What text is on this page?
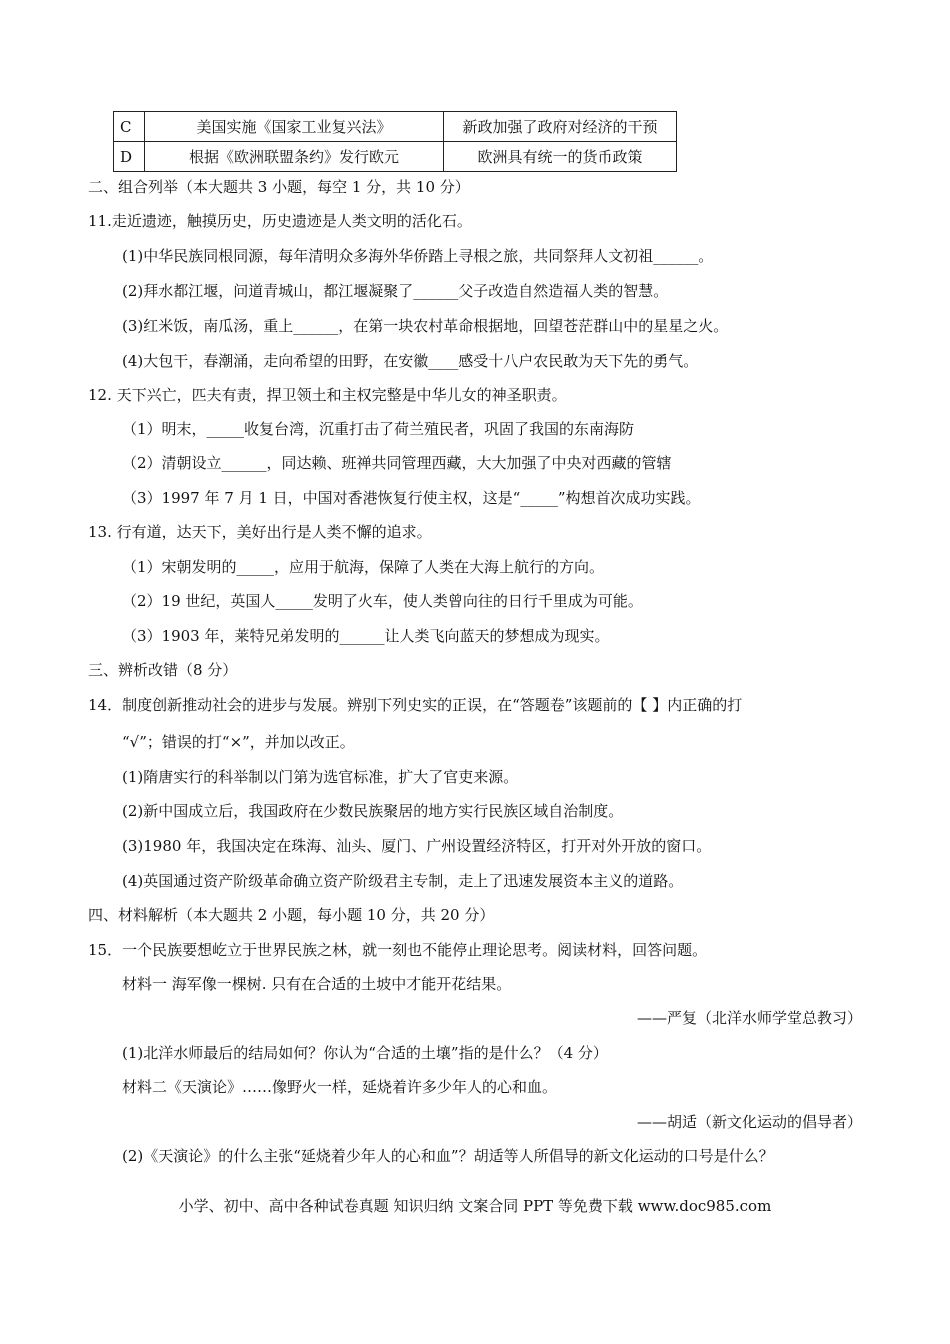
C	美国实施《国家工业复兴法》	新政加强了政府对经济的干预
D	根据《欧洲联盟条约》发行欧元	欧洲具有统一的货币政策
二、组合列举（本大题共 3 小题，每空 1 分，共 10 分）
11.走近遗迹，触摸历史，历史遗迹是人类文明的活化石。
(1)中华民族同根同源，每年清明众多海外华侨踏上寻根之旅，共同祭拜人文初祖______。
(2)拜水都江堰，问道青城山，都江堰凝聚了______父子改造自然造福人类的智慧。
(3)红米饭，南瓜汤，重上______，在第一块农村革命根据地，回望苍茫群山中的星星之火。
(4)大包干，春潮涌，走向希望的田野，在安徽____感受十八户农民敢为天下先的勇气。
12. 天下兴亡，匹夫有责，捍卫领土和主权完整是中华儿女的神圣职责。
（1）明末，_____收复台湾，沉重打击了荷兰殖民者，巩固了我国的东南海防
（2）清朝设立______，同达赖、班禅共同管理西藏，大大加强了中央对西藏的管辖
（3）1997 年 7 月 1 日，中国对香港恢复行使主权，这是“_____”构想首次成功实践。
13. 行有道，达天下，美好出行是人类不懈的追求。
（1）宋朝发明的_____，应用于航海，保障了人类在大海上航行的方向。
（2）19 世纪，英国人_____发明了火车，使人类曾向往的日行千里成为可能。
（3）1903 年，莱特兄弟发明的______让人类飞向蓝天的梦想成为现实。
三、辨析改错（8 分）
14．制度创新推动社会的进步与发展。辨别下列史实的正误，在“答题卷”该题前的【 】内正确的打
“√”；错误的打“×”，并加以改正。
(1)隋唐实行的科举制以门第为选官标准，扩大了官吏来源。
(2)新中国成立后，我国政府在少数民族聚居的地方实行民族区域自治制度。
(3)1980 年，我国决定在珠海、汕头、厦门、广州设置经济特区，打开对外开放的窗口。
(4)英国通过资产阶级革命确立资产阶级君主专制，走上了迅速发展资本主义的道路。
四、材料解析（本大题共 2 小题，每小题 10 分，共 20 分）
15．一个民族要想屹立于世界民族之林，就一刻也不能停止理论思考。阅读材料，回答问题。
材料一 海军像一棵树. 只有在合适的土坡中才能开花结果。
——严复（北洋水师学堂总教习）
(1)北洋水师最后的结局如何？你认为“合适的土壤”指的是什么？（4 分）
材料二《天演论》……像野火一样，延烧着许多少年人的心和血。
——胡适（新文化运动的倡导者）
(2)《天演论》的什么主张“延烧着少年人的心和血”？胡适等人所倡导的新文化运动的口号是什么？
小学、初中、高中各种试卷真题 知识归纳 文案合同 PPT 等免费下载 www.doc985.com
